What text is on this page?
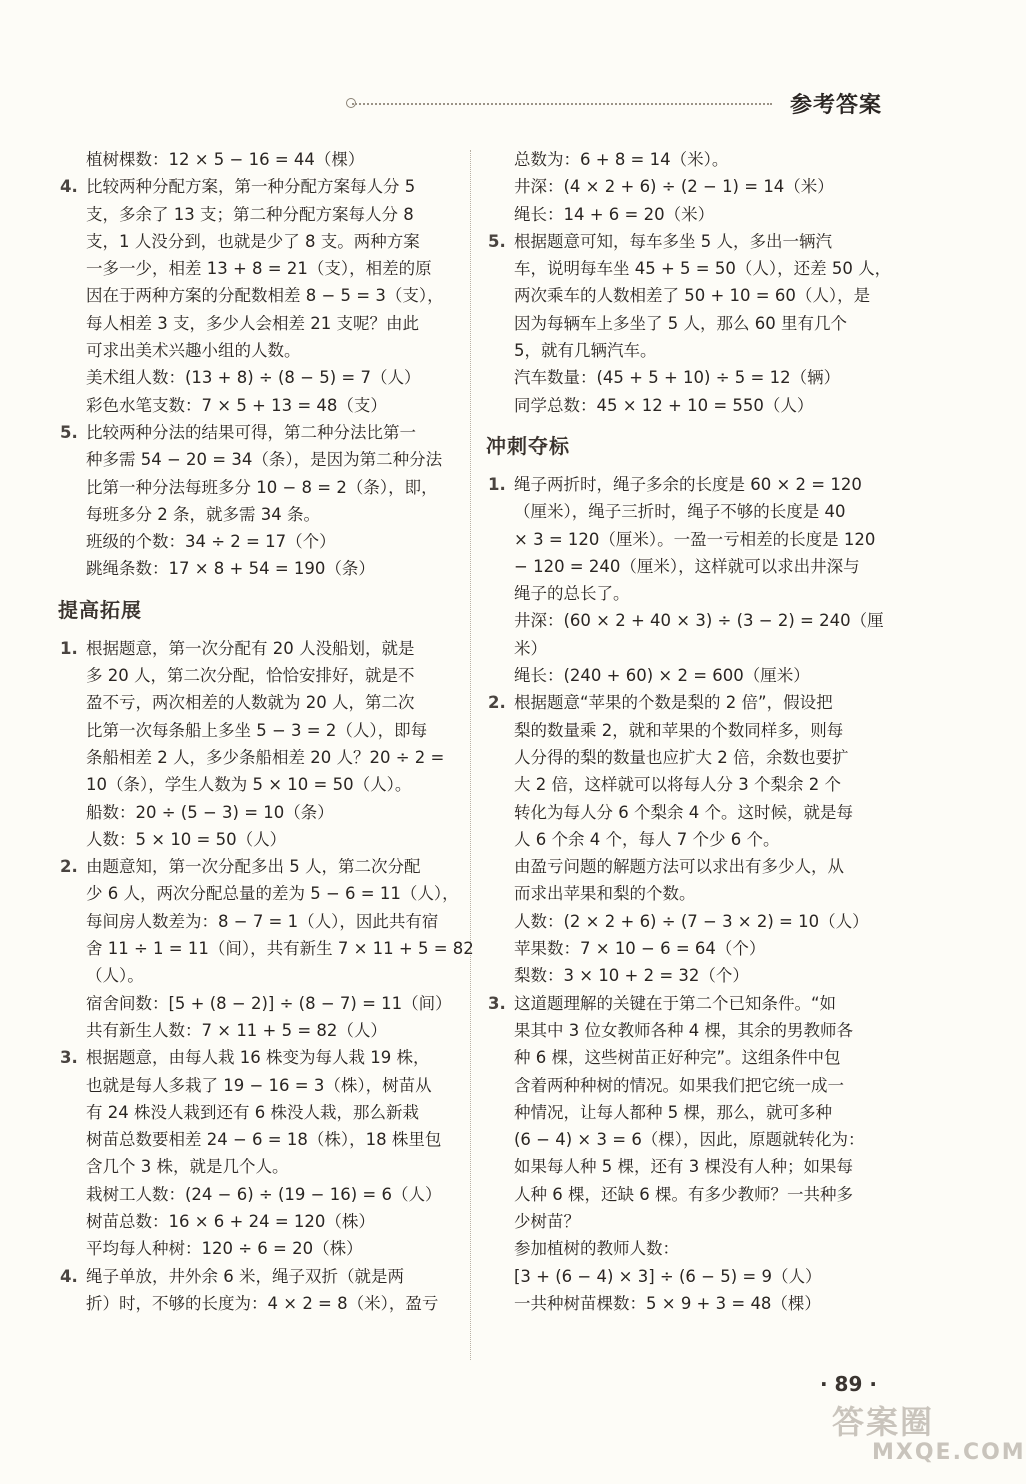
参考答案
植树棵数：12 × 5 − 16 = 44（棵）
4. 比较两种分配方案，第一种分配方案每人分 5
支，多余了 13 支；第二种分配方案每人分 8
支，1 人没分到，也就是少了 8 支。两种方案
一多一少，相差 13 + 8 = 21（支），相差的原
因在于两种方案的分配数相差 8 − 5 = 3（支），
每人相差 3 支，多少人会相差 21 支呢？由此
可求出美术兴趣小组的人数。
美术组人数：(13 + 8) ÷ (8 − 5) = 7（人）
彩色水笔支数：7 × 5 + 13 = 48（支）
5. 比较两种分法的结果可得，第二种分法比第一
种多需 54 − 20 = 34（条），是因为第二种分法
比第一种分法每班多分 10 − 8 = 2（条），即，
每班多分 2 条，就多需 34 条。
班级的个数：34 ÷ 2 = 17（个）
跳绳条数：17 × 8 + 54 = 190（条）
提高拓展
1. 根据题意，第一次分配有 20 人没船划，就是
多 20 人，第二次分配，恰恰安排好，就是不
盈不亏，两次相差的人数就为 20 人，第二次
比第一次每条船上多坐 5 − 3 = 2（人），即每
条船相差 2 人，多少条船相差 20 人？20 ÷ 2 =
10（条），学生人数为 5 × 10 = 50（人）。
船数：20 ÷ (5 − 3) = 10（条）
人数：5 × 10 = 50（人）
2. 由题意知，第一次分配多出 5 人，第二次分配
少 6 人，两次分配总量的差为 5 − 6 = 11（人），
每间房人数差为：8 − 7 = 1（人），因此共有宿
舍 11 ÷ 1 = 11（间），共有新生 7 × 11 + 5 = 82
（人）。
宿舍间数：[5 + (8 − 2)] ÷ (8 − 7) = 11（间）
共有新生人数：7 × 11 + 5 = 82（人）
3. 根据题意，由每人栽 16 株变为每人栽 19 株，
也就是每人多栽了 19 − 16 = 3（株），树苗从
有 24 株没人栽到还有 6 株没人栽，那么新栽
树苗总数要相差 24 − 6 = 18（株），18 株里包
含几个 3 株，就是几个人。
栽树工人数：(24 − 6) ÷ (19 − 16) = 6（人）
树苗总数：16 × 6 + 24 = 120（株）
平均每人种树：120 ÷ 6 = 20（株）
4. 绳子单放，井外余 6 米，绳子双折（就是两
折）时，不够的长度为：4 × 2 = 8（米），盈亏
总数为：6 + 8 = 14（米）。
井深：(4 × 2 + 6) ÷ (2 − 1) = 14（米）
绳长：14 + 6 = 20（米）
5. 根据题意可知，每车多坐 5 人，多出一辆汽
车，说明每车坐 45 + 5 = 50（人），还差 50 人，
两次乘车的人数相差了 50 + 10 = 60（人），是
因为每辆车上多坐了 5 人，那么 60 里有几个
5，就有几辆汽车。
汽车数量：(45 + 5 + 10) ÷ 5 = 12（辆）
同学总数：45 × 12 + 10 = 550（人）
冲刺夺标
1. 绳子两折时，绳子多余的长度是 60 × 2 = 120
（厘米），绳子三折时，绳子不够的长度是 40
× 3 = 120（厘米）。一盈一亏相差的长度是 120
− 120 = 240（厘米），这样就可以求出井深与
绳子的总长了。
井深：(60 × 2 + 40 × 3) ÷ (3 − 2) = 240（厘
米）
绳长：(240 + 60) × 2 = 600（厘米）
2. 根据题意“苹果的个数是梨的 2 倍”，假设把
梨的数量乘 2，就和苹果的个数同样多，则每
人分得的梨的数量也应扩大 2 倍，余数也要扩
大 2 倍，这样就可以将每人分 3 个梨余 2 个
转化为每人分 6 个梨余 4 个。这时候，就是每
人 6 个余 4 个，每人 7 个少 6 个。
由盈亏问题的解题方法可以求出有多少人，从
而求出苹果和梨的个数。
人数：(2 × 2 + 6) ÷ (7 − 3 × 2) = 10（人）
苹果数：7 × 10 − 6 = 64（个）
梨数：3 × 10 + 2 = 32（个）
3. 这道题理解的关键在于第二个已知条件。“如
果其中 3 位女教师各种 4 棵，其余的男教师各
种 6 棵，这些树苗正好种完”。这组条件中包
含着两种种树的情况。如果我们把它统一成一
种情况，让每人都种 5 棵，那么，就可多种
(6 − 4) × 3 = 6（棵），因此，原题就转化为：
如果每人种 5 棵，还有 3 棵没有人种；如果每
人种 6 棵，还缺 6 棵。有多少教师？一共种多
少树苗？
参加植树的教师人数：
[3 + (6 − 4) × 3] ÷ (6 − 5) = 9（人）
一共种树苗棵数：5 × 9 + 3 = 48（棵）
· 89 ·
答案圈
MXQE.COM
